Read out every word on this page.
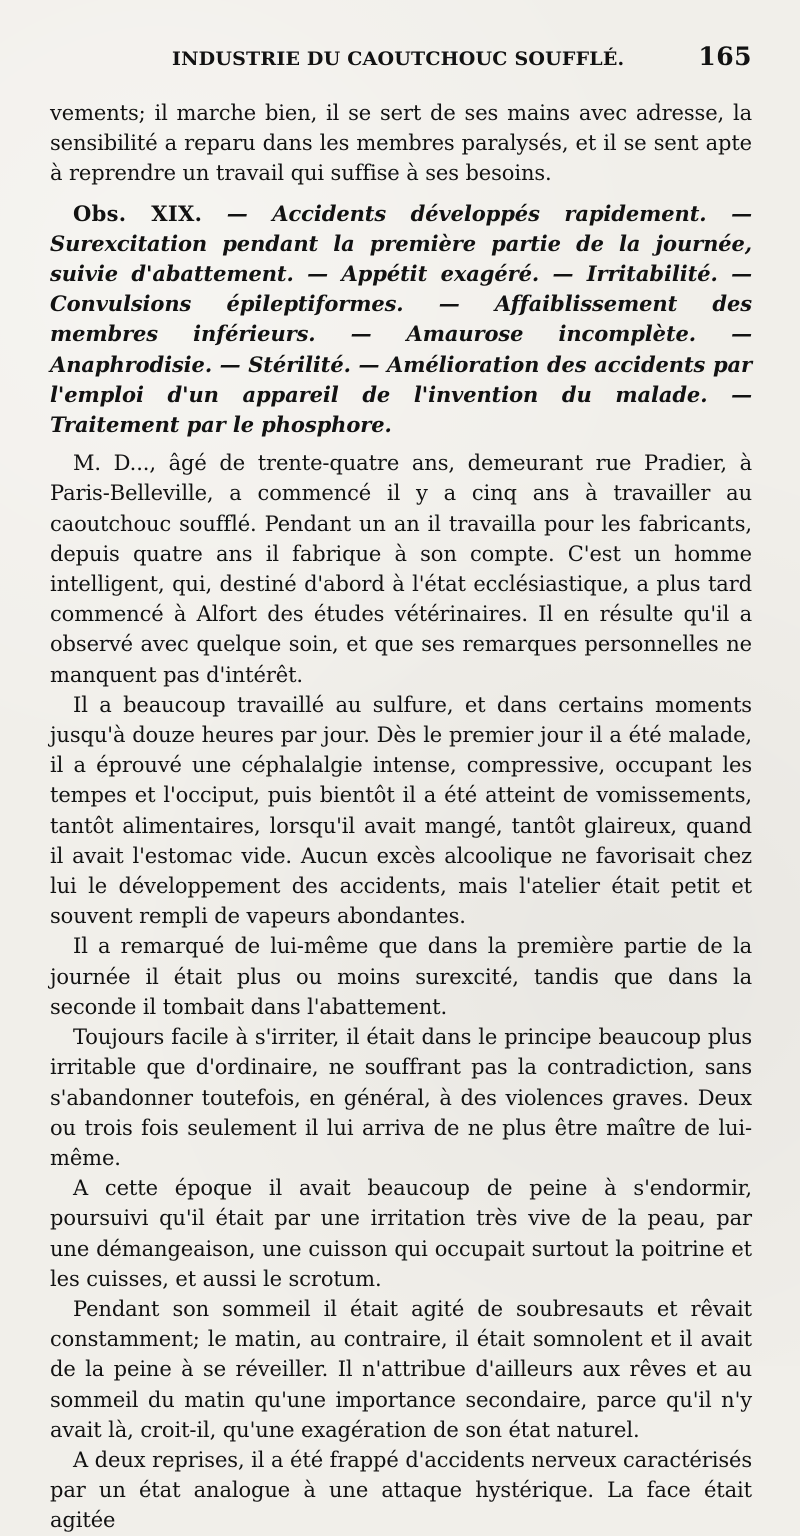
INDUSTRIE DU CAOUTCHOUC SOUFFLÉ.	165

vements; il marche bien, il se sert de ses mains avec adresse, la sensibilité a reparu dans les membres paralysés, et il se sent apte à reprendre un travail qui suffise à ses besoins.

Obs. XIX. — Accidents développés rapidement. — Surexcitation pendant la première partie de la journée, suivie d'abattement. — Appétit exagéré. — Irritabilité. — Convulsions épileptiformes. — Affaiblissement des membres inférieurs. — Amaurose incomplète. — Anaphrodisie. — Stérilité. — Amélioration des accidents par l'emploi d'un appareil de l'invention du malade. — Traitement par le phosphore.

M. D..., âgé de trente-quatre ans, demeurant rue Pradier, à Paris-Belleville, a commencé il y a cinq ans à travailler au caoutchouc soufflé. Pendant un an il travailla pour les fabricants, depuis quatre ans il fabrique à son compte. C'est un homme intelligent, qui, destiné d'abord à l'état ecclésiastique, a plus tard commencé à Alfort des études vétérinaires. Il en résulte qu'il a observé avec quelque soin, et que ses remarques personnelles ne manquent pas d'intérêt.

Il a beaucoup travaillé au sulfure, et dans certains moments jusqu'à douze heures par jour. Dès le premier jour il a été malade, il a éprouvé une céphalalgie intense, compressive, occupant les tempes et l'occiput, puis bientôt il a été atteint de vomissements, tantôt alimentaires, lorsqu'il avait mangé, tantôt glaireux, quand il avait l'estomac vide. Aucun excès alcoolique ne favorisait chez lui le développement des accidents, mais l'atelier était petit et souvent rempli de vapeurs abondantes.

Il a remarqué de lui-même que dans la première partie de la journée il était plus ou moins surexcité, tandis que dans la seconde il tombait dans l'abattement.

Toujours facile à s'irriter, il était dans le principe beaucoup plus irritable que d'ordinaire, ne souffrant pas la contradiction, sans s'abandonner toutefois, en général, à des violences graves. Deux ou trois fois seulement il lui arriva de ne plus être maître de lui-même.

A cette époque il avait beaucoup de peine à s'endormir, poursuivi qu'il était par une irritation très vive de la peau, par une démangeaison, une cuisson qui occupait surtout la poitrine et les cuisses, et aussi le scrotum.

Pendant son sommeil il était agité de soubresauts et rêvait constamment; le matin, au contraire, il était somnolent et il avait de la peine à se réveiller. Il n'attribue d'ailleurs aux rêves et au sommeil du matin qu'une importance secondaire, parce qu'il n'y avait là, croit-il, qu'une exagération de son état naturel.

A deux reprises, il a été frappé d'accidents nerveux caractérisés par un état analogue à une attaque hystérique. La face était agitée
